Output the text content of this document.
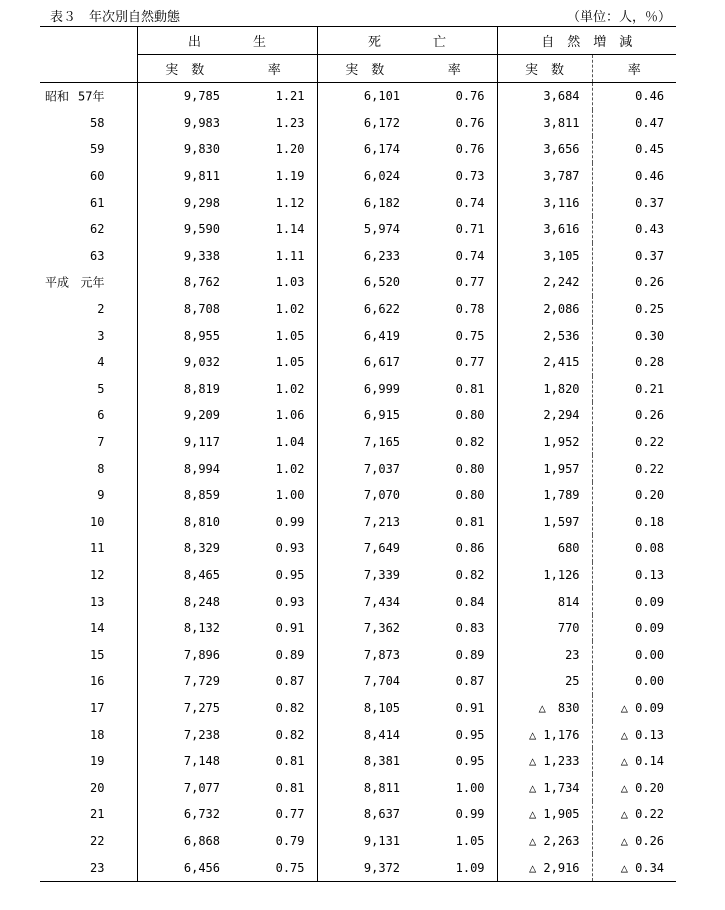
表３　年次別自然動態	（単位：人，％）
	出　　　　生		死　　　　亡		自　然　増　減	
	実　数	率	実　数	率	実　数	率

昭和 57年	9,785	1.21	6,101	0.76	3,684	0.46

58	9,983	1.23	6,172	0.76	3,811	0.47

59	9,830	1.20	6,174	0.76	3,656	0.45

60	9,811	1.19	6,024	0.73	3,787	0.46

61	9,298	1.12	6,182	0.74	3,116	0.37

62	9,590	1.14	5,974	0.71	3,616	0.43

63	9,338	1.11	6,233	0.74	3,105	0.37

平成 元年	8,762	1.03	6,520	0.77	2,242	0.26

2	8,708	1.02	6,622	0.78	2,086	0.25

3	8,955	1.05	6,419	0.75	2,536	0.30

4	9,032	1.05	6,617	0.77	2,415	0.28

5	8,819	1.02	6,999	0.81	1,820	0.21

6	9,209	1.06	6,915	0.80	2,294	0.26

7	9,117	1.04	7,165	0.82	1,952	0.22

8	8,994	1.02	7,037	0.80	1,957	0.22

9	8,859	1.00	7,070	0.80	1,789	0.20

10	8,810	0.99	7,213	0.81	1,597	0.18

11	8,329	0.93	7,649	0.86	680	0.08

12	8,465	0.95	7,339	0.82	1,126	0.13

13	8,248	0.93	7,434	0.84	814	0.09

14	8,132	0.91	7,362	0.83	770	0.09

15	7,896	0.89	7,873	0.89	23	0.00

16	7,729	0.87	7,704	0.87	25	0.00

17	7,275	0.82	8,105	0.91	△　830	△ 0.09

18	7,238	0.82	8,414	0.95	△ 1,176	△ 0.13

19	7,148	0.81	8,381	0.95	△ 1,233	△ 0.14

20	7,077	0.81	8,811	1.00	△ 1,734	△ 0.20

21	6,732	0.77	8,637	0.99	△ 1,905	△ 0.22

22	6,868	0.79	9,131	1.05	△ 2,263	△ 0.26

23	6,456	0.75	9,372	1.09	△ 2,916	△ 0.34
